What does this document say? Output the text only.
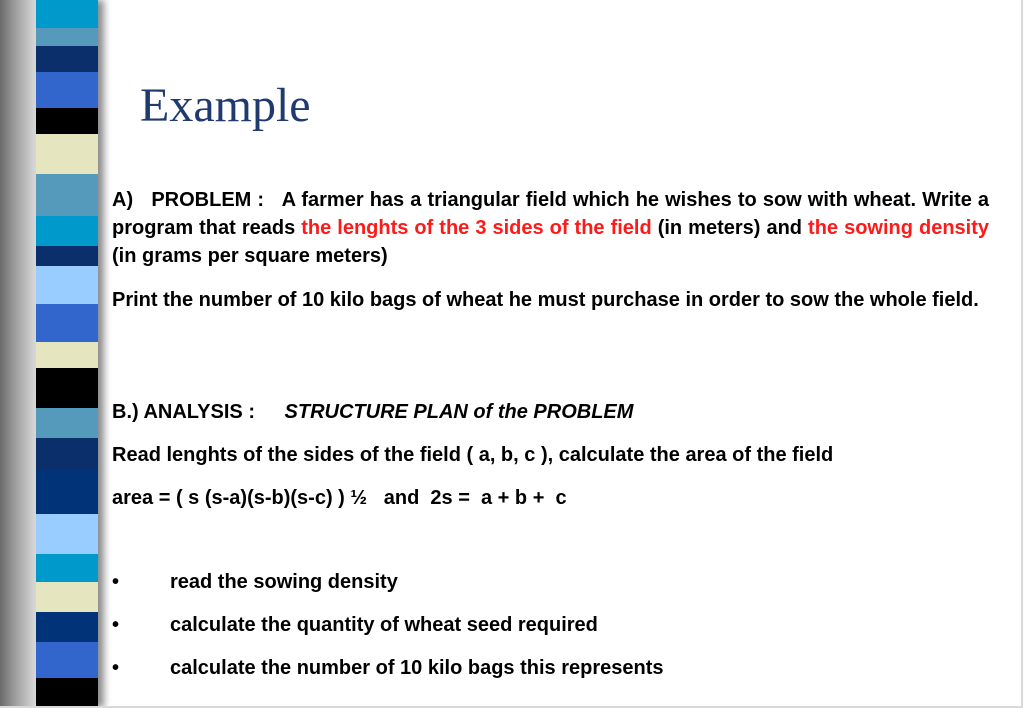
Example
A) PROBLEM : A farmer has a triangular field which he wishes to sow with wheat. Write a program that reads the lenghts of the 3 sides of the field (in meters) and the sowing density (in grams per square meters)
Print the number of 10 kilo bags of wheat he must purchase in order to sow the whole field.
B.) ANALYSIS : STRUCTURE PLAN of the PROBLEM
Read lenghts of the sides of the field ( a, b, c ), calculate the area of the field
area = ( s (s-a)(s-b)(s-c) ) ½   and  2s =  a + b +  c
•	read the sowing density
•	calculate the quantity of wheat seed required
•	calculate the number of 10 kilo bags this represents
